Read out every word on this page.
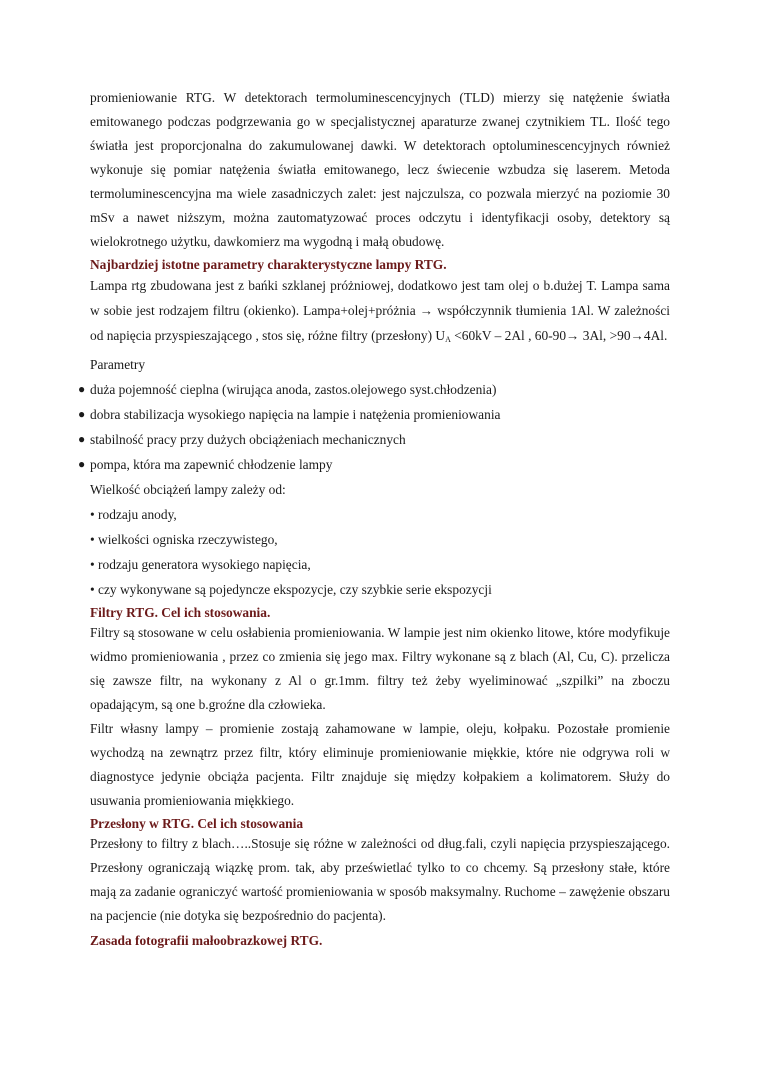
promieniowanie RTG. W detektorach termoluminescencyjnych (TLD) mierzy się natężenie światła emitowanego podczas podgrzewania go w specjalistycznej aparaturze zwanej czytnikiem TL. Ilość tego światła jest proporcjonalna do zakumulowanej dawki. W detektorach optoluminescencyjnych również wykonuje się pomiar natężenia światła emitowanego, lecz świecenie wzbudza się laserem. Metoda termoluminescencyjna ma wiele zasadniczych zalet: jest najczulsza, co pozwala mierzyć na poziomie 30 mSv a nawet niższym, można zautomatyzować proces odczytu i identyfikacji osoby, detektory są wielokrotnego użytku, dawkomierz ma wygodną i małą obudowę.

Najbardziej istotne parametry charakterystyczne lampy RTG.

Lampa rtg zbudowana jest z bańki szklanej próżniowej, dodatkowo jest tam olej o b.dużej T. Lampa sama w sobie jest rodzajem filtru (okienko). Lampa+olej+próżnia → współczynnik tłumienia 1Al. W zależności od napięcia przyspieszającego , stos się, różne filtry (przesłony) $U_A <60kV - 2Al$ , 60-90→ 3Al, >90→4Al.

Parametry

● duża pojemność cieplna (wirująca anoda, zastos.olejowego syst.chłodzenia)
● dobra stabilizacja wysokiego napięcia na lampie i natężenia promieniowania
● stabilność pracy przy dużych obciążeniach mechanicznych
● pompa, która ma zapewnić chłodzenie lampy

Wielkość obciążeń lampy zależy od:

• rodzaju anody,

• wielkości ogniska rzeczywistego,

• rodzaju generatora wysokiego napięcia,

• czy wykonywane są pojedyncze ekspozycje, czy szybkie serie ekspozycji

Filtry RTG. Cel ich stosowania.

Filtry są stosowane w celu osłabienia promieniowania. W lampie jest nim okienko litowe, które modyfikuje widmo promieniowania , przez co zmienia się jego max. Filtry wykonane są z blach (Al, Cu, C). przelicza się zawsze filtr, na wykonany z Al o gr.1mm. filtry też żeby wyeliminować „szpilki” na zboczu opadającym, są one b.groźne dla człowieka.

Filtr własny lampy – promienie zostają zahamowane w lampie, oleju, kołpaku. Pozostałe promienie wychodzą na zewnątrz przez filtr, który eliminuje promieniowanie miękkie, które nie odgrywa roli w diagnostyce jedynie obciąża pacjenta. Filtr znajduje się między kołpakiem a kolimatorem. Służy do usuwania promieniowania miękkiego.

Przesłony w RTG. Cel ich stosowania

Przesłony to filtry z blach…..Stosuje się różne w zależności od dług.fali, czyli napięcia przyspieszającego. Przesłony ograniczają wiązkę prom. tak, aby prześwietlać tylko to co chcemy. Są przesłony stałe, które mają za zadanie ograniczyć wartość promieniowania w sposób maksymalny. Ruchome – zawężenie obszaru na pacjencie (nie dotyka się bezpośrednio do pacjenta).

Zasada fotografii małoobrazkowej RTG.
